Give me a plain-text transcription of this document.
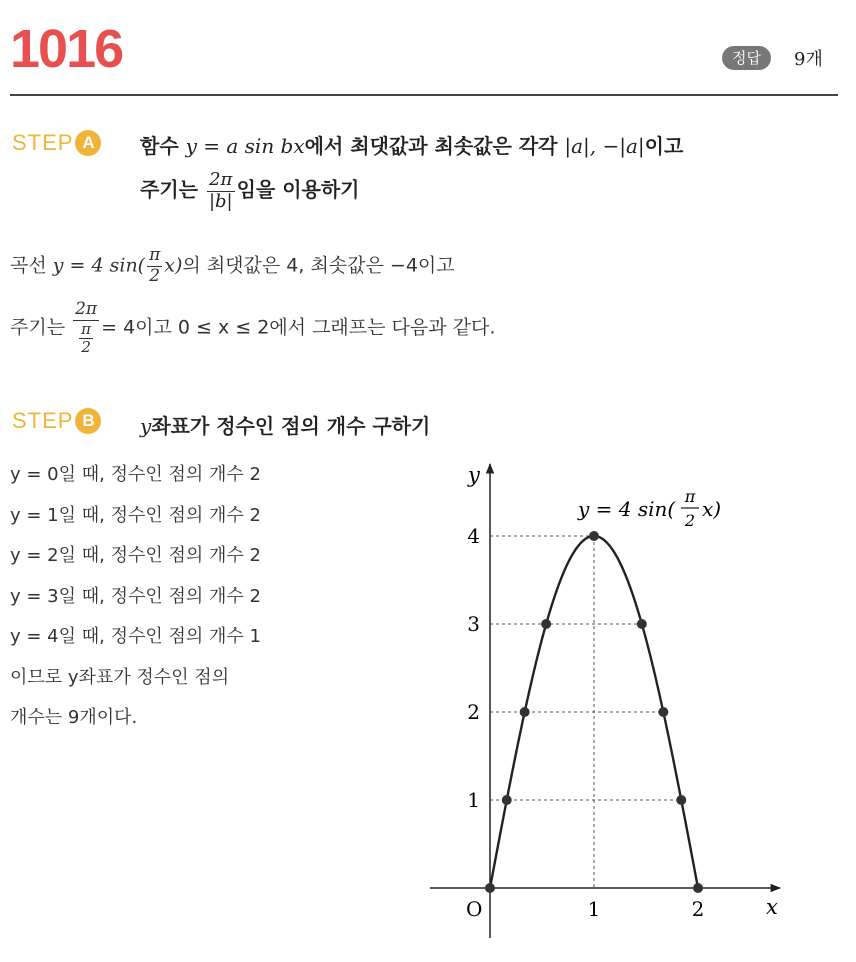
1016	정답	9개
STEP A	함수 y = a sin bx에서 최댓값과 최솟값은 각각 |a|, −|a|이고
주기는 $\frac{2\pi}{|b|}$ 임을 이용하기
곡선 y = 4 $\sin( \frac{\pi}{2} x)$의 최댓값은 4, 최솟값은 −4이고
주기는 $\frac{2\pi}{\frac{\pi}{2}} = 4$이고 0 ≤ x ≤ 2에서 그래프는 다음과 같다.
STEP B	y좌표가 정수인 점의 개수 구하기
y = 0일 때, 정수인 점의 개수 2
y = 1일 때, 정수인 점의 개수 2
y = 2일 때, 정수인 점의 개수 2
y = 3일 때, 정수인 점의 개수 2
y = 4일 때, 정수인 점의 개수 1
이므로 y좌표가 정수인 점의
개수는 9개이다.
1
2
3
4
1	2	x
y
O
y = 4 sin(
π
2 x)
